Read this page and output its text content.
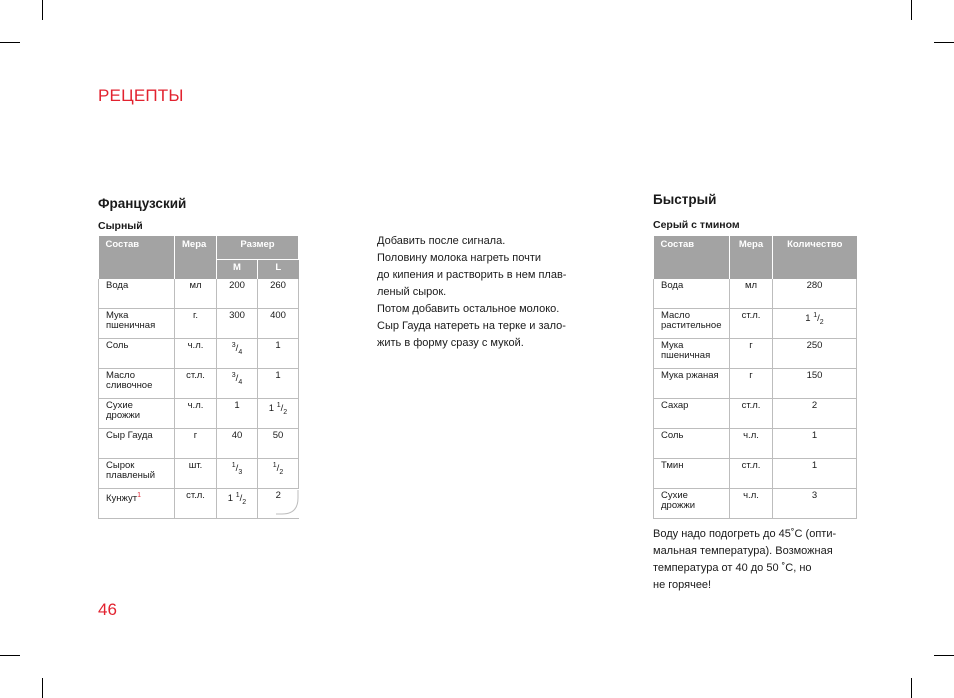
РЕЦЕПТЫ
Французский
Сырный
Состав	Мера	Размер	
		M	L
Вода	мл	200	260
Мука пшеничная	г.	300	400
Соль	ч.л.	$^3/_4$	1
Масло сливочное	ст.л.	$^3/_4$	1
Сухие дрожжи	ч.л.	1	1 $^1/_2$
Сыр Гауда	г	40	50
Сырок плавленый	шт.	$^1/_3$	$^1/_2$
Кунжут$^1$	ст.л.	1 $^1/_2$	2
Добавить после сигнала.
Половину молока нагреть почти
до кипения и растворить в нем плав-
леный сырок.
Потом добавить остальное молоко.
Сыр Гауда натереть на терке и зало-
жить в форму сразу с мукой.
Быстрый
Серый с тмином
Состав	Мера	Количество
Вода	мл	280
Масло растительное	ст.л.	1 $^1/_2$
Мука пшеничная	г	250
Мука ржаная	г	150
Сахар	ст.л.	2
Соль	ч.л.	1
Тмин	ст.л.	1
Сухие дрожжи	ч.л.	3
Воду надо подогреть до 45˚С (опти-
мальная температура). Возможная
температура от 40 до 50 ˚С, но
не горячее!
46
